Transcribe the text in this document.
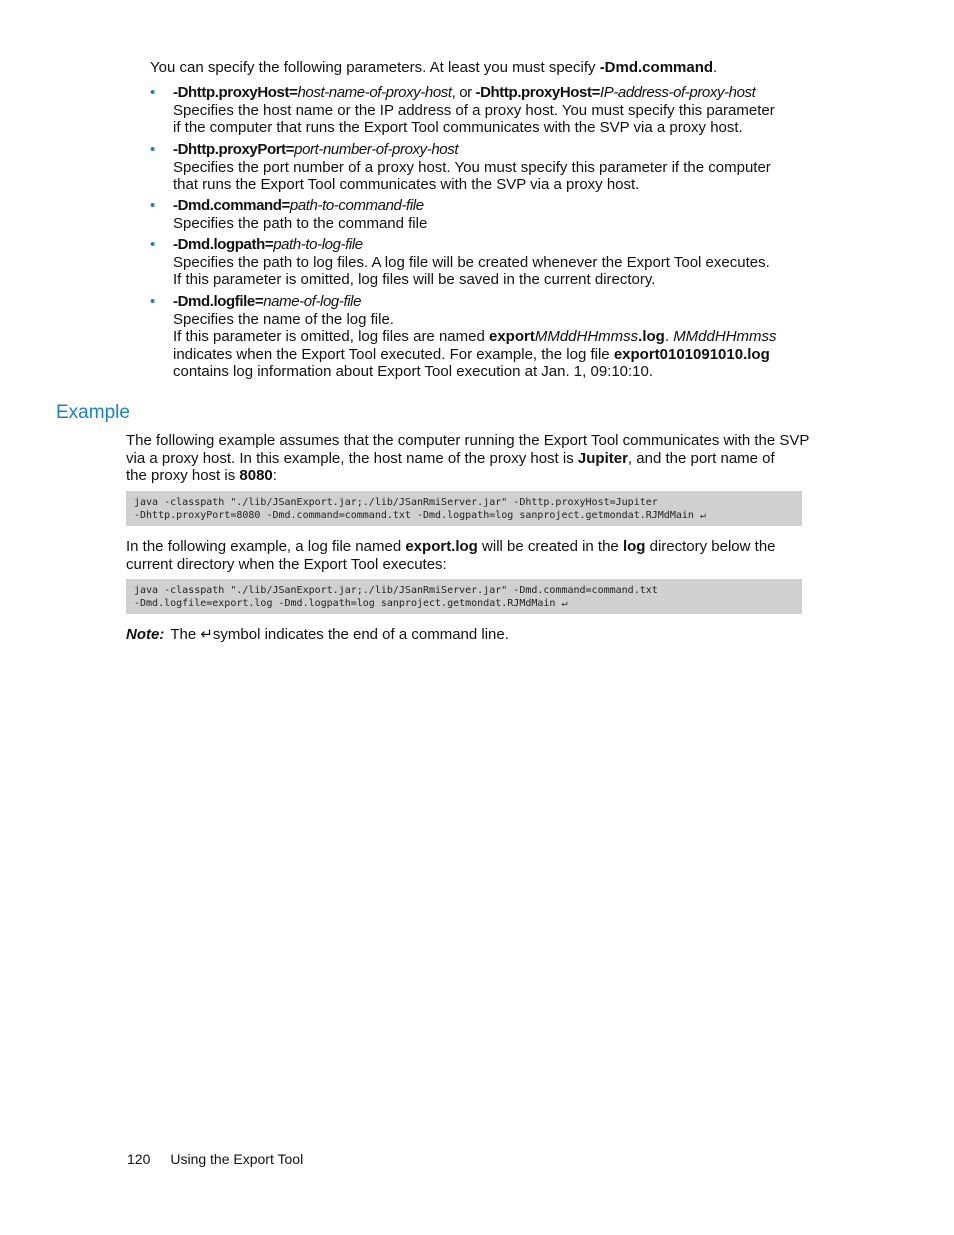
You can specify the following parameters. At least you must specify -Dmd.command.
• -Dhttp.proxyHost=host-name-of-proxy-host, or -Dhttp.proxyHost=IP-address-of-proxy-host
Specifies the host name or the IP address of a proxy host. You must specify this parameter
if the computer that runs the Export Tool communicates with the SVP via a proxy host.
• -Dhttp.proxyPort=port-number-of-proxy-host
Specifies the port number of a proxy host. You must specify this parameter if the computer
that runs the Export Tool communicates with the SVP via a proxy host.
• -Dmd.command=path-to-command-file
Specifies the path to the command file
• -Dmd.logpath=path-to-log-file
Specifies the path to log files. A log file will be created whenever the Export Tool executes.
If this parameter is omitted, log files will be saved in the current directory.
• -Dmd.logfile=name-of-log-file
Specifies the name of the log file.
If this parameter is omitted, log files are named exportMMddHHmmss.log. MMddHHmmss
indicates when the Export Tool executed. For example, the log file export0101091010.log
contains log information about Export Tool execution at Jan. 1, 09:10:10.
Example
The following example assumes that the computer running the Export Tool communicates with the SVP
via a proxy host. In this example, the host name of the proxy host is Jupiter, and the port name of
the proxy host is 8080:
java -classpath "./lib/JSanExport.jar;./lib/JSanRmiServer.jar" -Dhttp.proxyHost=Jupiter
-Dhttp.proxyPort=8080 -Dmd.command=command.txt -Dmd.logpath=log sanproject.getmondat.RJMdMain ↵
In the following example, a log file named export.log will be created in the log directory below the
current directory when the Export Tool executes:
java -classpath "./lib/JSanExport.jar;./lib/JSanRmiServer.jar" -Dmd.command=command.txt
-Dmd.logfile=export.log -Dmd.logpath=log sanproject.getmondat.RJMdMain ↵
Note: The ↵symbol indicates the end of a command line.
120 Using the Export Tool
